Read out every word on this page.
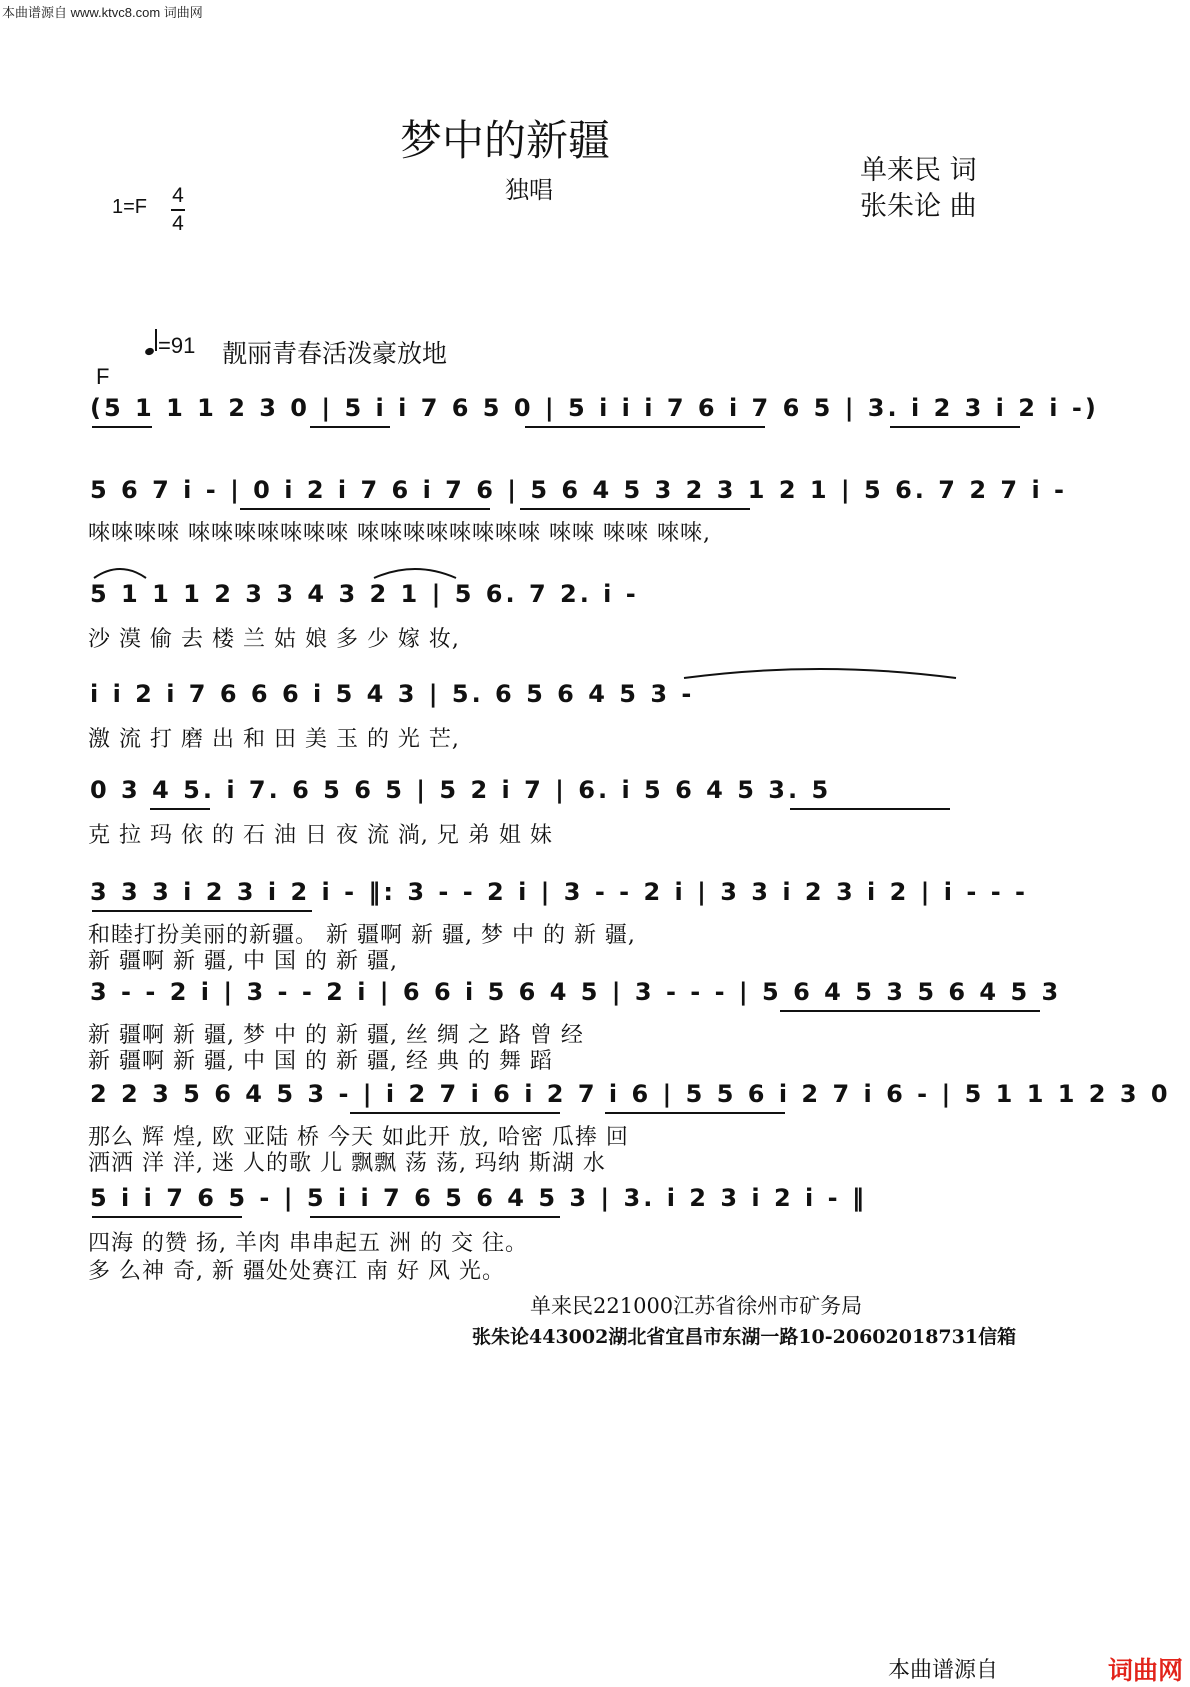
本曲谱源自 www.ktvc8.com 词曲网
梦中的新疆
独唱
单来民 词
张朱论 曲
1=F 4
4
=91 靓丽青春活泼豪放地
F
(5 1 1 1 2 3 0 | 5 i i 7 6 5 0 | 5 i i i 7 6 i 7 6 5 | 3. i 2 3 i 2 i -)
5 6 7 i - | 0 i 2 i 7 6 i 7 6 | 5 6 4 5 3 2 3 1 2 1 | 5 6. 7 2 7 i -
唻唻唻唻 唻唻唻唻唻唻唻 唻唻唻唻唻唻唻唻 唻唻 唻唻 唻唻,
5 1 1 1 2 3 3 4 3 2 1 | 5 6. 7 2. i -
沙 漠 偷 去 楼 兰 姑 娘 多 少 嫁 妆,
i i 2 i 7 6 6 6 i 5 4 3 | 5. 6 5 6 4 5 3 -
激 流 打 磨 出 和 田 美 玉 的 光 芒,
0 3 4 5. i 7. 6 5 6 5 | 5 2 i 7 | 6. i 5 6 4 5 3. 5
克 拉 玛 依 的 石 油 日 夜 流 淌, 兄 弟 姐 妹
3 3 3 i 2 3 i 2 i - ‖: 3 - - 2 i | 3 - - 2 i | 3 3 i 2 3 i 2 | i - - -
和睦打扮美丽的新疆。 新 疆啊 新 疆, 梦 中 的 新 疆,
新 疆啊 新 疆, 中 国 的 新 疆,
3 - - 2 i | 3 - - 2 i | 6 6 i 5 6 4 5 | 3 - - - | 5 6 4 5 3 5 6 4 5 3
新 疆啊 新 疆, 梦 中 的 新 疆, 丝 绸 之 路 曾 经
新 疆啊 新 疆, 中 国 的 新 疆, 经 典 的 舞 蹈
2 2 3 5 6 4 5 3 - | i 2 7 i 6 i 2 7 i 6 | 5 5 6 i 2 7 i 6 - | 5 1 1 1 2 3 0
那么 辉 煌, 欧 亚陆 桥 今天 如此开 放, 哈密 瓜捧 回
洒洒 洋 洋, 迷 人的歌 儿 飘飘 荡 荡, 玛纳 斯湖 水
5 i i 7 6 5 - | 5 i i 7 6 5 6 4 5 3 | 3. i 2 3 i 2 i - ‖
四海 的赞 扬, 羊肉 串串起五 洲 的 交 往。
多 么神 奇, 新 疆处处赛江 南 好 风 光。
单来民221000江苏省徐州市矿务局
张朱论443002湖北省宜昌市东湖一路10-20602018731信箱
本曲谱源自	词曲网
